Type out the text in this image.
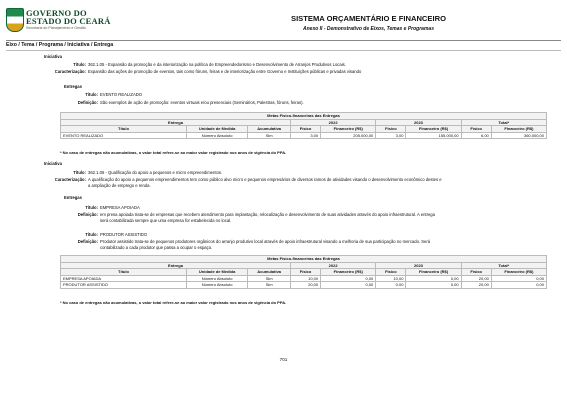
GOVERNO DO
ESTADO DO CEARÁ
Secretaria do Planejamento e Gestão
SISTEMA ORÇAMENTÁRIO E FINANCEIRO
Anexo II - Demonstrativo de Eixos, Temas e Programas
Eixo / Tema / Programa / Iniciativa / Entrega
Iniciativa
Título: 362.1.05 - Expansão da promoção e da interiorização na política de Empreendedorismo e Desenvolvimento de Arranjos Produtivos Locais.
Caracterização: Expansão das ações de promoção de eventos, tais como fóruns, feiras e de interiorização entre Governo e Instituições públicas e privadas visando
Entregas
Título: EVENTO REALIZADO
Definição: São exemplos de ação de promoção: eventos virtuais e/ou presenciais (Seminários, Palestras, fóruns, feiras).
Metas Físico-financeiras das Entregas								
Entrega			2022		2023		Total*	
Título	Unidade de Medida	Acumulativa	Físico	Financeiro (R$)	Físico	Financeiro (R$)	Físico	Financeiro (R$)
EVENTO REALIZADO	Número Absoluto	Sim	3,00	205.000,00	3,00	155.000,00	6,00	360.000,00
* No caso de entregas não acumulativas, o valor total refere-se ao maior valor registrado nos anos de vigência do PPA.
Iniciativa
Título: 362.1.06 - Qualificação do apoio a pequenos e micro empreendimentos.
Caracterização: A qualificação do apoio a pequenos empreendimentos tem como público alvo micro e pequenos empresários de diversos ramos de atividades visando o desenvolvimento econômico destes e
a ampliação de emprego e renda.
Entregas
Título: EMPRESA APOIADA
Definição: em presa apoiada trata-se de empresas que recebem atendimento para implantação, relocalização e desenvolvimento de suas atividades através do apoio infraestrutural. A entrega
será contabilizada sempre que uma empresa for estabelecida no local.
Título: PRODUTOR ASSISTIDO
Definição: Produtor assistido trata-se de pequenos produtores orgânicos do arranjo produtivo local através de apoio infraestrutural visando a melhoria de sua participação no mercado. Será
contabilizado a cada produtor que passa a ocupar o espaço.
Metas Físico-financeiras das Entregas								
Entrega			2022		2023		Total*	
Título	Unidade de Medida	Acumulativa	Físico	Financeiro (R$)	Físico	Financeiro (R$)	Físico	Financeiro (R$)
EMPRESA APOIADA	Número Absoluto	Sim	10,00	0,00	10,00	0,00	20,00	0,00
PRODUTOR ASSISTIDO	Número Absoluto	Sim	20,00	0,00	0,00	0,00	20,00	0,00
* No caso de entregas não acumulativas, o valor total refere-se ao maior valor registrado nos anos de vigência do PPA.
701
